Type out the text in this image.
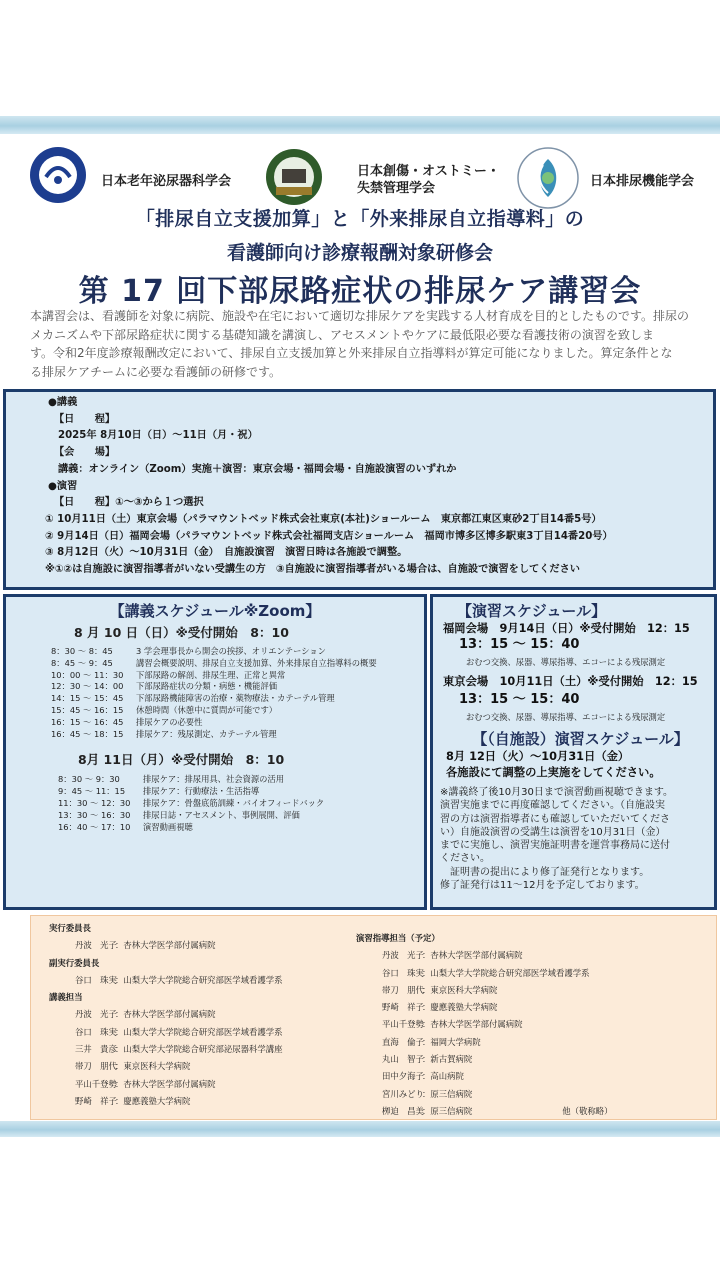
日本老年泌尿器科学会
日本創傷・オストミー・
失禁管理学会	日本排尿機能学会
「排尿自立支援加算」と「外来排尿自立指導料」の
看護師向け診療報酬対象研修会
第 17 回下部尿路症状の排尿ケア講習会
本講習会は、看護師を対象に病院、施設や在宅において適切な排尿ケアを実践する人材育成を目的としたものです。排尿の
メカニズムや下部尿路症状に関する基礎知識を講演し、アセスメントやケアに最低限必要な看護技術の演習を致しま
す。令和2年度診療報酬改定において、排尿自立支援加算と外来排尿自立指導料が算定可能になりました。算定条件とな
る排尿ケアチームに必要な看護師の研修です。
●講義
【日　　程】
2025年 8月10日（日）～11日（月・祝）
【会　　場】
講義：オンライン（Zoom）実施＋演習：東京会場・福岡会場・自施設演習のいずれか
●演習
【日　　程】①～③から１つ選択
① 10月11日（土）東京会場（パラマウントベッド株式会社東京(本社)ショールーム　東京都江東区東砂2丁目14番5号）
② 9月14日（日）福岡会場（パラマウントベッド株式会社福岡支店ショールーム　福岡市博多区博多駅東3丁目14番20号）
③ 8月12日（火）～10月31日（金）　自施設演習　演習日時は各施設で調整。
※①②は自施設に演習指導者がいない受講生の方　③自施設に演習指導者がいる場合は、自施設で演習をしてください
【講義スケジュール※Zoom】
8 月 10 日（日）※受付開始　8：10
8：30 ～ 8：45	3 学会理事長から開会の挨拶、オリエンテーション
8：45 ～ 9：45	講習会概要説明、排尿自立支援加算、外来排尿自立指導料の概要
10：00 ～ 11：30	下部尿路の解剖、排尿生理、正常と異常
12：30 ～ 14：00	下部尿路症状の分類・病態・機能評価
14：15 ～ 15：45	下部尿路機能障害の治療・薬物療法・カテーテル管理
15：45 ～ 16：15	休憩時間（休憩中に質問が可能です）
16：15 ～ 16：45	排尿ケアの必要性
16：45 ～ 18：15	排尿ケア：残尿測定、カテーテル管理
8月 11日（月）※受付開始　8：10
8：30 ～ 9：30	排尿ケア：排尿用具、社会資源の活用
9：45 ～ 11：15	排尿ケア：行動療法・生活指導
11：30 ～ 12：30	排尿ケア：骨盤底筋訓練・バイオフィードバック
13：30 ～ 16：30	排尿日誌・アセスメント、事例展開、評価
16：40 ～ 17：10	演習動画視聴
【演習スケジュール】
福岡会場　9月14日（日）※受付開始　12：15
13：15 ～ 15：40
おむつ交換、尿器、導尿指導、エコーによる残尿測定
東京会場　10月11日（土）※受付開始　12：15
13：15 ～ 15：40
おむつ交換、尿器、導尿指導、エコーによる残尿測定
【（自施設）演習スケジュール】
8月 12日（火）～10月31日（金）
各施設にて調整の上実施をしてください。
※講義終了後10月30日まで演習動画視聴できます。
演習実施までに再度確認してください。（自施設実
習の方は演習指導者にも確認していただいてくださ
い）自施設演習の受講生は演習を10月31日（金）
までに実施し、演習実施証明書を運営事務局に送付
ください。
　証明書の提出により修了証発行となります。
修了証発行は11～12月を予定しております。
実行委員長
丹波　光子：杏林大学医学部付属病院
副実行委員長
谷口　珠実：山梨大学大学院総合研究部医学域看護学系
講義担当
丹波　光子：杏林大学医学部付属病院
谷口　珠実：山梨大学大学院総合研究部医学域看護学系
三井　貴彦：山梨大学大学院総合研究部泌尿器科学講座
帯刀　朋代：東京医科大学病院
平山千登勢：杏林大学医学部付属病院
野崎　祥子：慶應義塾大学病院
演習指導担当（予定）
丹波　光子：杏林大学医学部付属病院
谷口　珠実：山梨大学大学院総合研究部医学域看護学系
帯刀　朋代：東京医科大学病院
野崎　祥子：慶應義塾大学病院
平山千登勢：杏林大学医学部付属病院
直海　倫子：福岡大学病院
丸山　智子：新古賀病院
田中夕海子：高山病院
宮川みどり：原三信病院
栁迫　昌美：原三信病院	他（敬称略）
